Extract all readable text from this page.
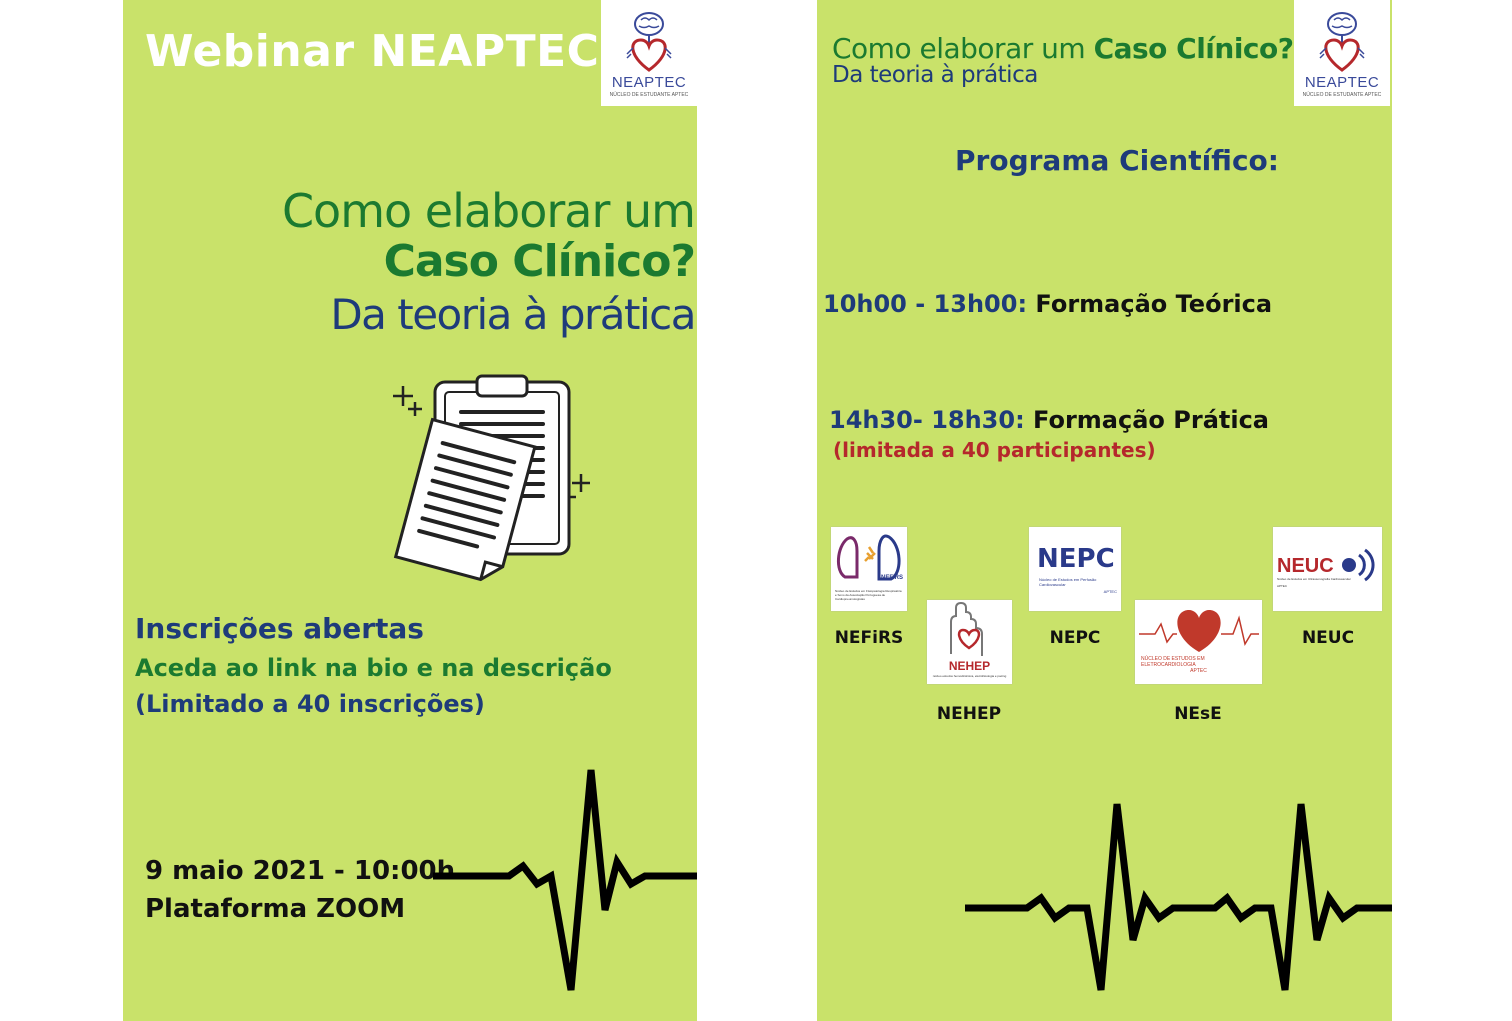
Webinar NEAPTEC
NEAPTEC
NÚCLEO DE ESTUDANTE APTEC
Como elaborar um
Caso Clínico?
Da teoria à prática
Inscrições abertas
Aceda ao link na bio e na descrição
(Limitado a 40 inscrições)
9 maio 2021 - 10:00h
Plataforma ZOOM
Como elaborar um Caso Clínico?
Da teoria à prática	NEAPTEC
NÚCLEO DE ESTUDANTE APTEC
Programa Científico:
10h00 - 13h00: Formação Teórica
14h30- 18h30: Formação Prática
(limitada a 40 participantes)
NEFiRS
Núcleo de Estudos em Fisiopatologia Respiratória e Sono da Associação Portuguesa de Cardiopneumologistas
NEFiRS
NEHEP
núcleo estudos hemodinâmica, eletrofisiologia e pacing
NEHEP
NEPC
Núcleo de Estudos em Perfusão Cardiovascular
APTEC
NEPC
NÚCLEO DE ESTUDOS EM ELETROCARDIOLOGIA
APTEC
NEsE
NEUC
Núcleo de Estudos em Ultrassonografia Cardiovascular
APTEC
NEUC
